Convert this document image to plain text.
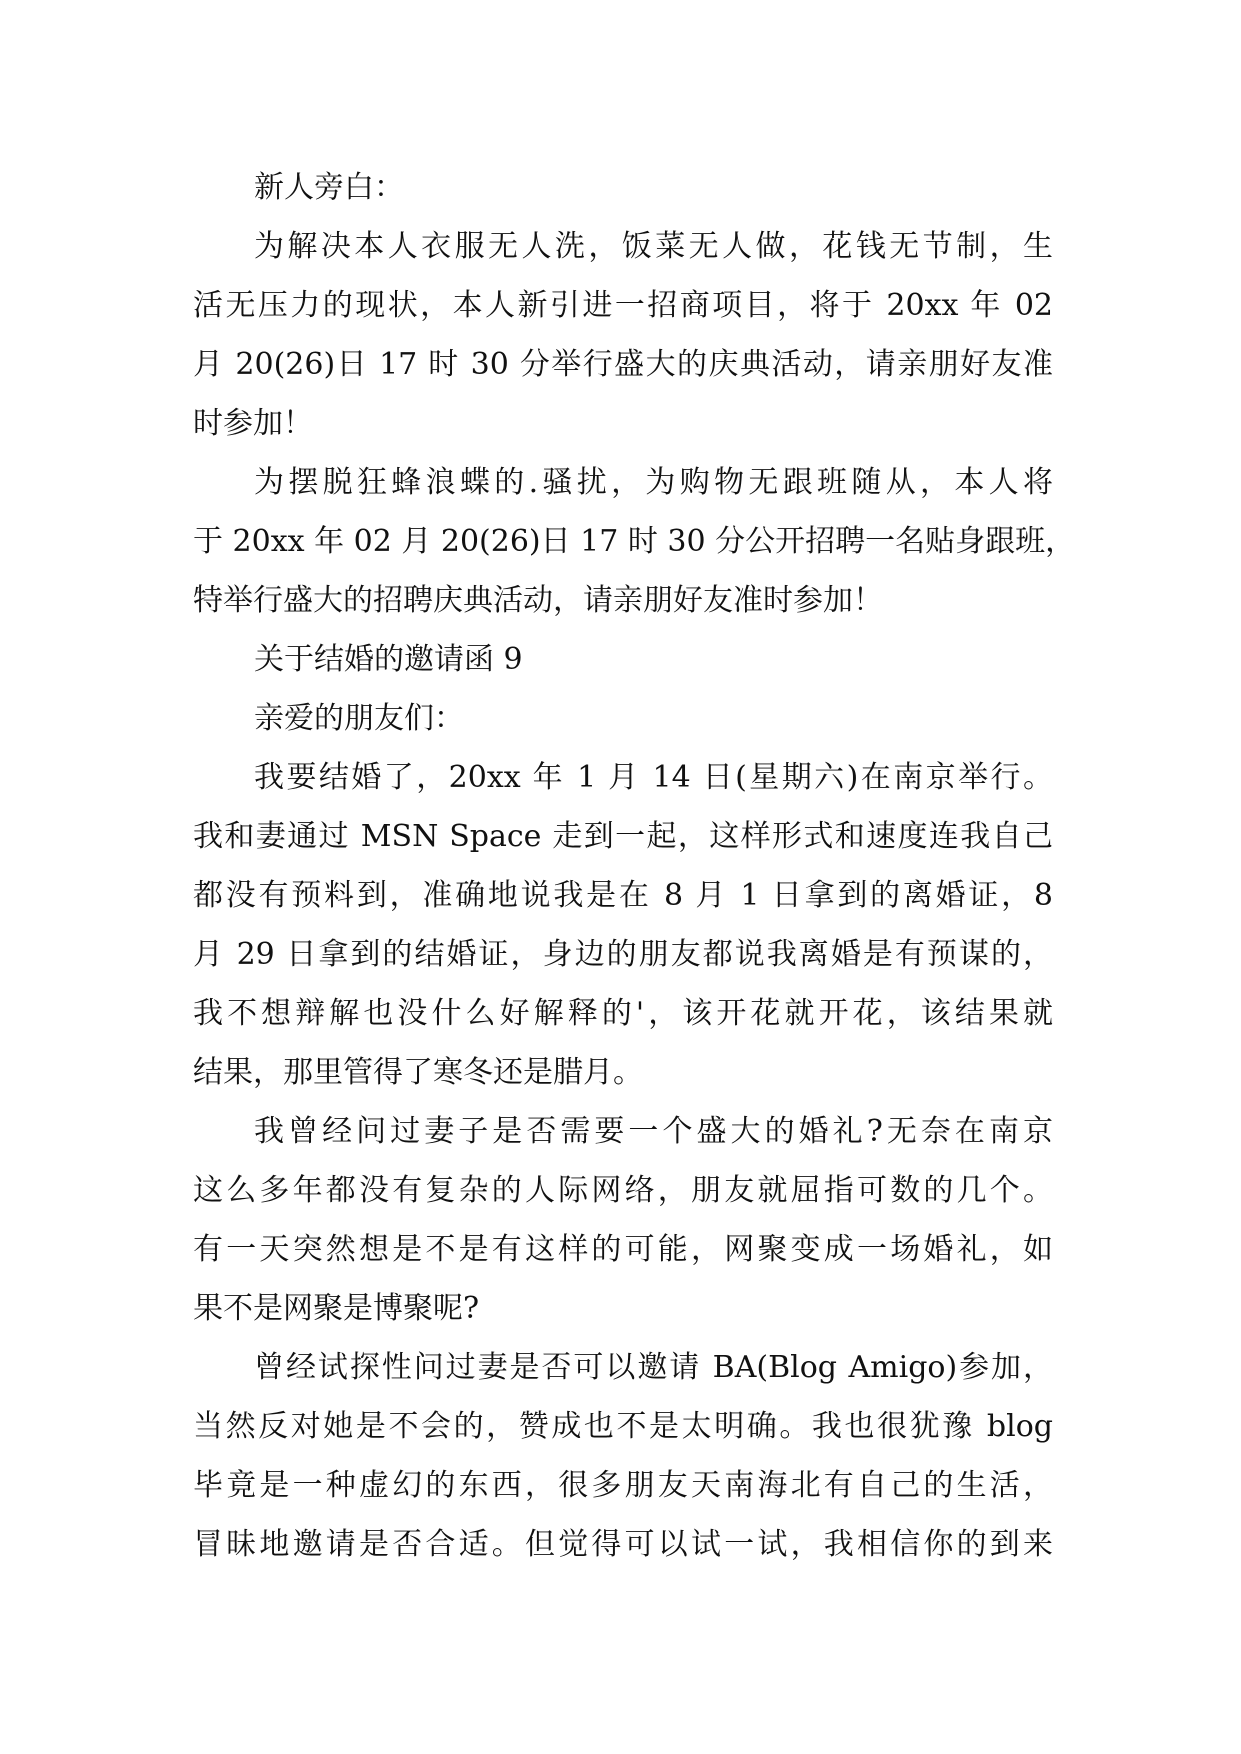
新人旁白：
为解决本人衣服无人洗，饭菜无人做，花钱无节制，生
活无压力的现状，本人新引进一招商项目，将于 20xx 年 02
月 20(26)日 17 时 30 分举行盛大的庆典活动，请亲朋好友准
时参加！
为摆脱狂蜂浪蝶的.骚扰，为购物无跟班随从，本人将
于 20xx 年 02 月 20(26)日 17 时 30 分公开招聘一名贴身跟班，
特举行盛大的招聘庆典活动，请亲朋好友准时参加！
关于结婚的邀请函 9
亲爱的朋友们：
我要结婚了，20xx 年 1 月 14 日(星期六)在南京举行。
我和妻通过 MSN Space 走到一起，这样形式和速度连我自己
都没有预料到，准确地说我是在 8 月 1 日拿到的离婚证，8
月 29 日拿到的结婚证，身边的朋友都说我离婚是有预谋的，
我不想辩解也没什么好解释的'，该开花就开花，该结果就
结果，那里管得了寒冬还是腊月。
我曾经问过妻子是否需要一个盛大的婚礼?无奈在南京
这么多年都没有复杂的人际网络，朋友就屈指可数的几个。
有一天突然想是不是有这样的可能，网聚变成一场婚礼，如
果不是网聚是博聚呢?
曾经试探性问过妻是否可以邀请 BA(Blog Amigo)参加，
当然反对她是不会的，赞成也不是太明确。我也很犹豫 blog
毕竟是一种虚幻的东西，很多朋友天南海北有自己的生活，
冒昧地邀请是否合适。但觉得可以试一试，我相信你的到来
